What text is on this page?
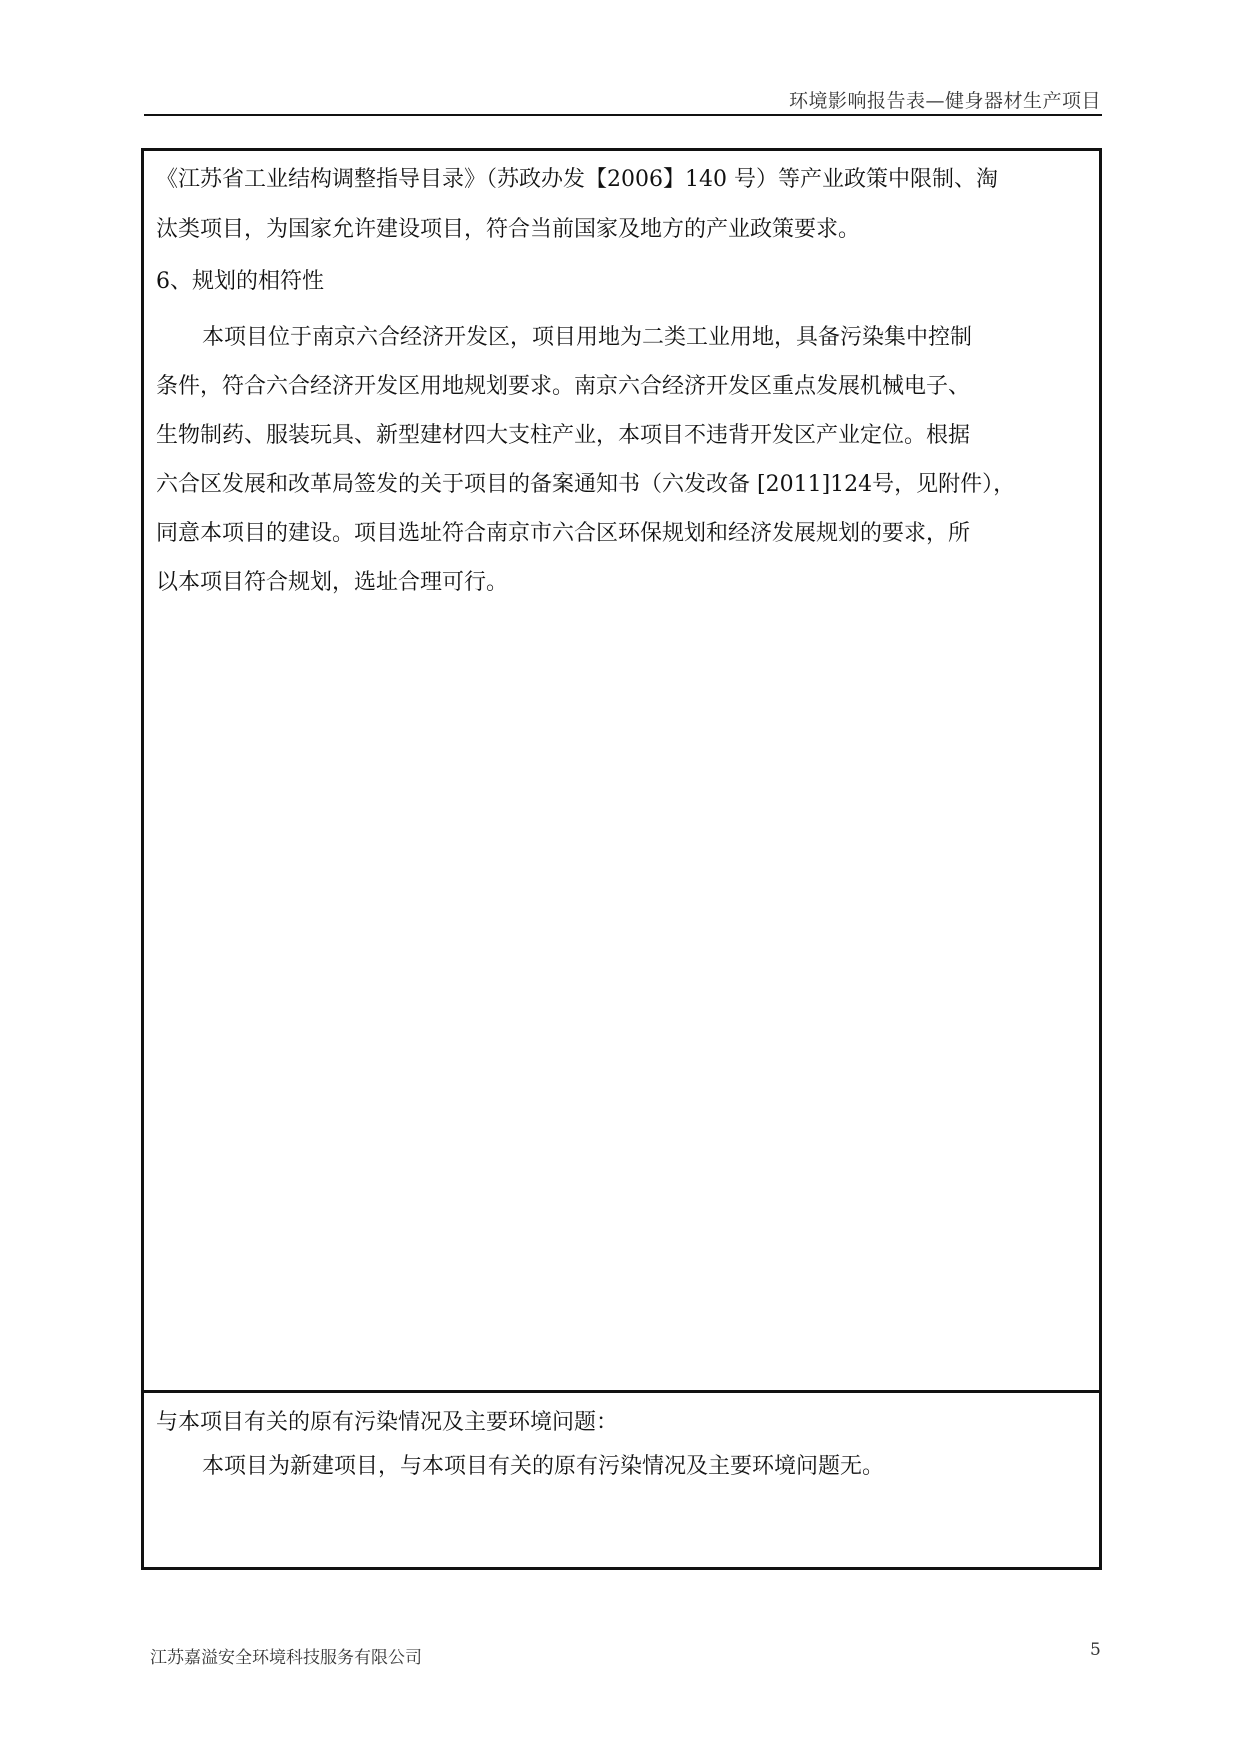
环境影响报告表—健身器材生产项目
《江苏省工业结构调整指导目录》（苏政办发【2006】140 号）等产业政策中限制、淘
汰类项目，为国家允许建设项目，符合当前国家及地方的产业政策要求。
6、规划的相符性
本项目位于南京六合经济开发区，项目用地为二类工业用地，具备污染集中控制
条件，符合六合经济开发区用地规划要求。南京六合经济开发区重点发展机械电子、
生物制药、服装玩具、新型建材四大支柱产业，本项目不违背开发区产业定位。根据
六合区发展和改革局签发的关于项目的备案通知书（六发改备 [2011]124号，见附件），
同意本项目的建设。项目选址符合南京市六合区环保规划和经济发展规划的要求，所
以本项目符合规划，选址合理可行。
与本项目有关的原有污染情况及主要环境问题：
本项目为新建项目，与本项目有关的原有污染情况及主要环境问题无。
江苏嘉溢安全环境科技服务有限公司	5
